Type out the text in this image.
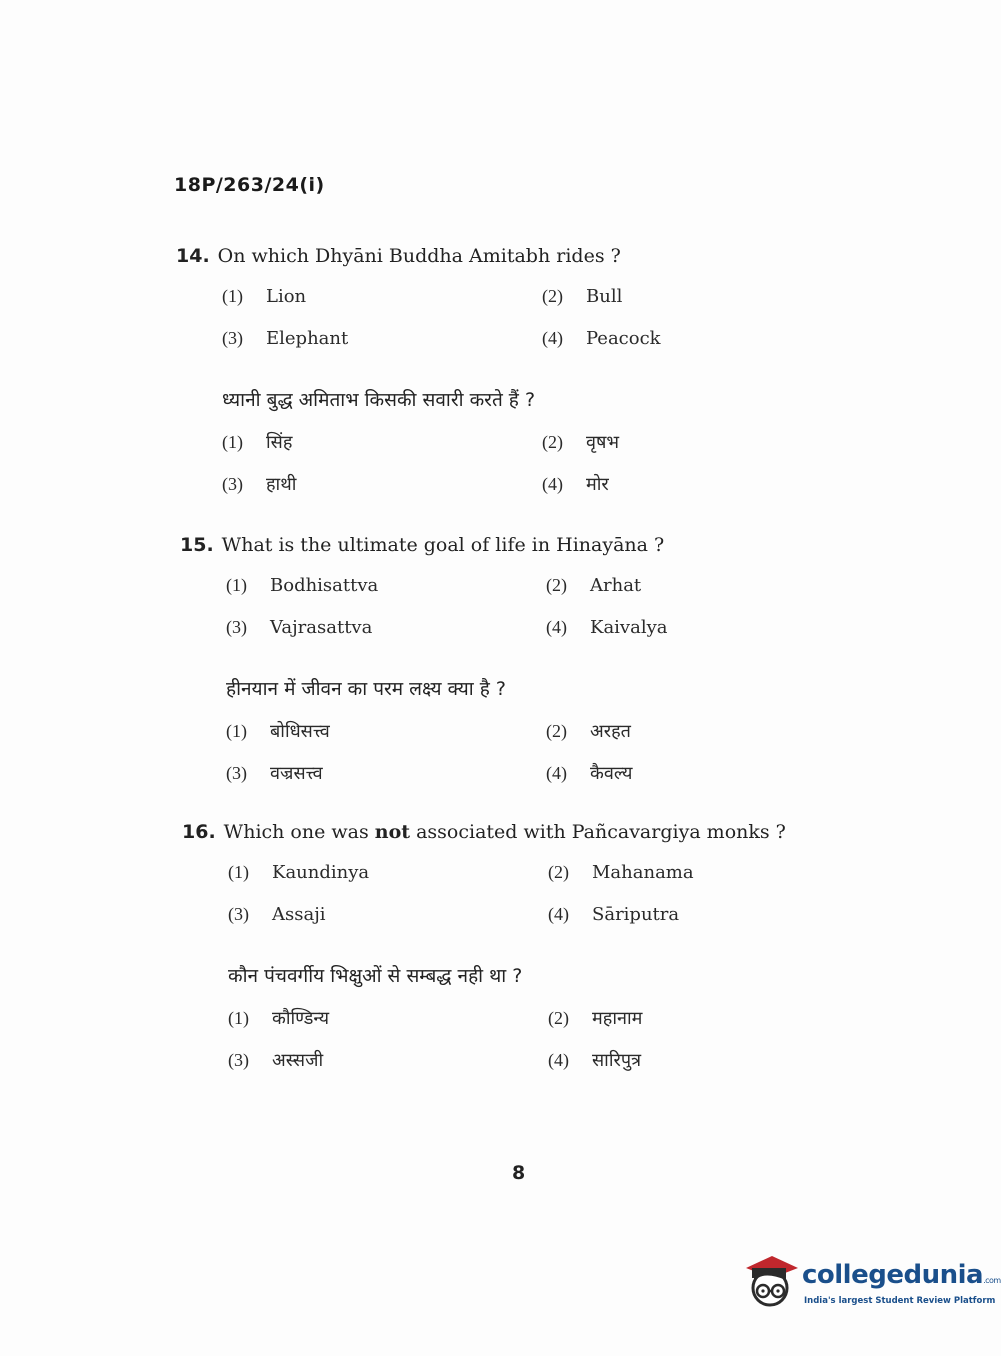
18P/263/24(i)
14. On which Dhyāni Buddha Amitabh rides ?
(1) Lion	(2) Bull
(3) Elephant	(4) Peacock
ध्यानी बुद्ध अमिताभ किसकी सवारी करते हैं ?
(1) सिंह	(2) वृषभ
(3) हाथी	(4) मोर
15. What is the ultimate goal of life in Hinayāna ?
(1) Bodhisattva	(2) Arhat
(3) Vajrasattva	(4) Kaivalya
हीनयान में जीवन का परम लक्ष्य क्या है ?
(1) बोधिसत्त्व	(2) अरहत
(3) वज्रसत्त्व	(4) कैवल्य
16. Which one was not associated with Pañcavargiya monks ?
(1) Kaundinya	(2) Mahanama
(3) Assaji	(4) Sāriputra
कौन पंचवर्गीय भिक्षुओं से सम्बद्ध नही था ?
(1) कौण्डिन्य	(2) महानाम
(3) अस्सजी	(4) सारिपुत्र
8
collegedunia.com
India's largest Student Review Platform
